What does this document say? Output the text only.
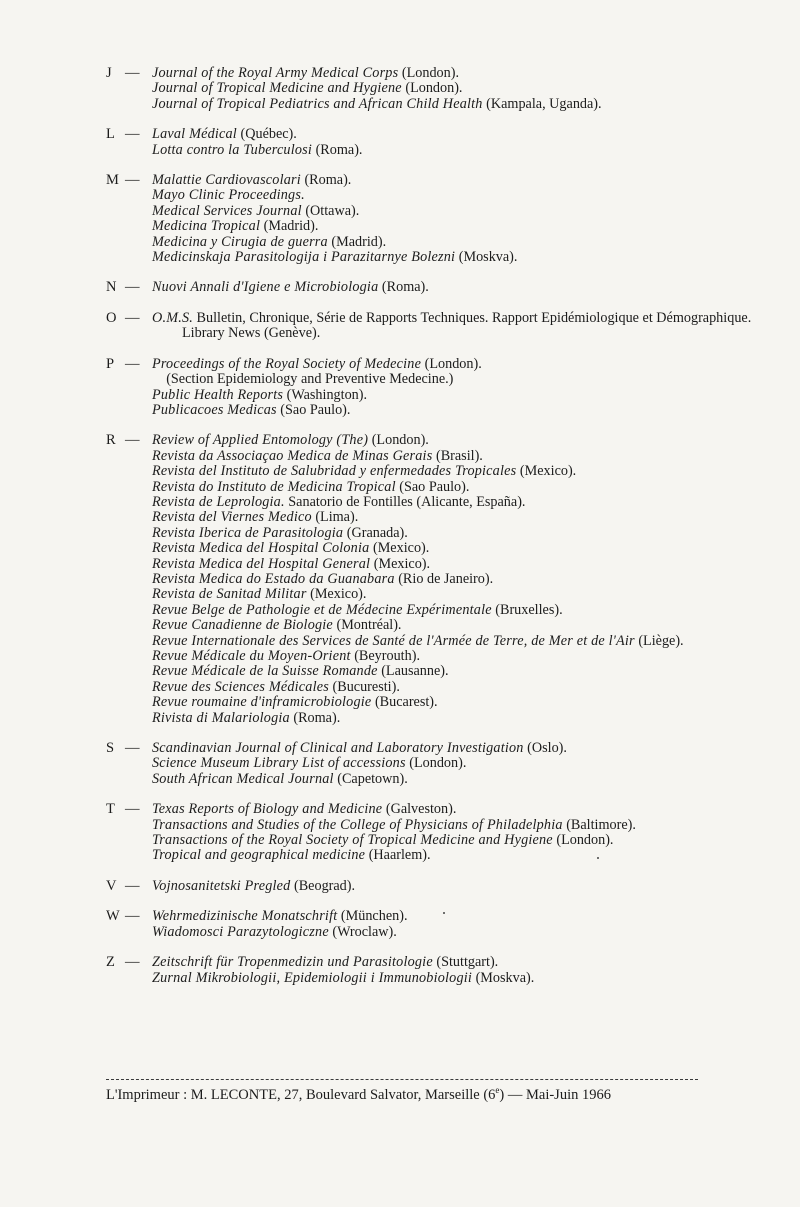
J — Journal of the Royal Army Medical Corps (London).
Journal of Tropical Medicine and Hygiene (London).
Journal of Tropical Pediatrics and African Child Health (Kampala, Uganda).
L — Laval Médical (Québec).
Lotta contro la Tuberculosi (Roma).
M — Malattie Cardiovascolari (Roma).
Mayo Clinic Proceedings.
Medical Services Journal (Ottawa).
Medicina Tropical (Madrid).
Medicina y Cirugia de guerra (Madrid).
Medicinskaja Parasitologija i Parazitarnye Bolezni (Moskva).
N — Nuovi Annali d'Igiene e Microbiologia (Roma).
O — O.M.S. Bulletin, Chronique, Série de Rapports Techniques. Rapport Epidémiologique et Démographique. Library News (Genève).
P — Proceedings of the Royal Society of Medecine (London).
(Section Epidemiology and Preventive Medecine.)
Public Health Reports (Washington).
Publicacoes Medicas (Sao Paulo).
R — Review of Applied Entomology (The) (London).
Revista da Associaçao Medica de Minas Gerais (Brasil).
Revista del Instituto de Salubridad y enfermedades Tropicales (Mexico).
Revista do Instituto de Medicina Tropical (Sao Paulo).
Revista de Leprologia. Sanatorio de Fontilles (Alicante, España).
Revista del Viernes Medico (Lima).
Revista Iberica de Parasitologia (Granada).
Revista Medica del Hospital Colonia (Mexico).
Revista Medica del Hospital General (Mexico).
Revista Medica do Estado da Guanabara (Rio de Janeiro).
Revista de Sanitad Militar (Mexico).
Revue Belge de Pathologie et de Médecine Expérimentale (Bruxelles).
Revue Canadienne de Biologie (Montréal).
Revue Internationale des Services de Santé de l'Armée de Terre, de Mer et de l'Air (Liège).
Revue Médicale du Moyen-Orient (Beyrouth).
Revue Médicale de la Suisse Romande (Lausanne).
Revue des Sciences Médicales (Bucuresti).
Revue roumaine d'inframicrobiologie (Bucarest).
Rivista di Malariologia (Roma).
S — Scandinavian Journal of Clinical and Laboratory Investigation (Oslo).
Science Museum Library List of accessions (London).
South African Medical Journal (Capetown).
T — Texas Reports of Biology and Medicine (Galveston).
Transactions and Studies of the College of Physicians of Philadelphia (Baltimore).
Transactions of the Royal Society of Tropical Medicine and Hygiene (London).
Tropical and geographical medicine (Haarlem).
V — Vojnosanitetski Pregled (Beograd).
W — Wehrmedizinische Monatschrift (München).
Wiadomosci Parazytologiczne (Wroclaw).
Z — Zeitschrift für Tropenmedizin und Parasitologie (Stuttgart).
Zurnal Mikrobiologii, Epidemiologii i Immunobiologii (Moskva).
L'Imprimeur : M. LECONTE, 27, Boulevard Salvator, Marseille (6e) — Mai-Juin 1966
